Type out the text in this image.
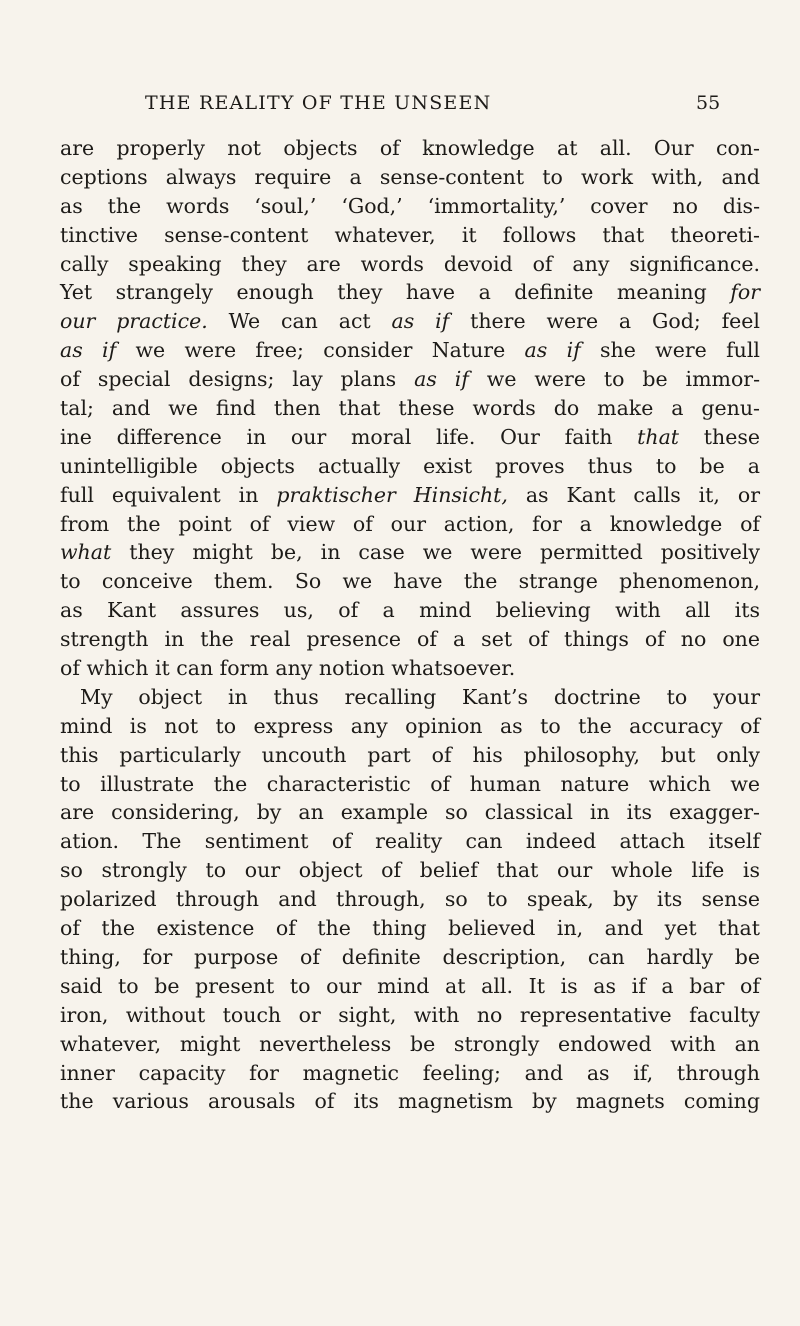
THE REALITY OF THE UNSEEN	55
are properly not objects of knowledge at all. Our con-
ceptions always require a sense-content to work with, and
as the words ‘soul,’ ‘God,’ ‘immortality,’ cover no dis-
tinctive sense-content whatever, it follows that theoreti-
cally speaking they are words devoid of any significance.
Yet strangely enough they have a definite meaning for
our practice. We can act as if there were a God; feel
as if we were free; consider Nature as if she were full
of special designs; lay plans as if we were to be immor-
tal; and we find then that these words do make a genu-
ine difference in our moral life. Our faith that these
unintelligible objects actually exist proves thus to be a
full equivalent in praktischer Hinsicht, as Kant calls it, or
from the point of view of our action, for a knowledge of
what they might be, in case we were permitted positively
to conceive them. So we have the strange phenomenon,
as Kant assures us, of a mind believing with all its
strength in the real presence of a set of things of no one
of which it can form any notion whatsoever.
My object in thus recalling Kant’s doctrine to your
mind is not to express any opinion as to the accuracy of
this particularly uncouth part of his philosophy, but only
to illustrate the characteristic of human nature which we
are considering, by an example so classical in its exagger-
ation. The sentiment of reality can indeed attach itself
so strongly to our object of belief that our whole life is
polarized through and through, so to speak, by its sense
of the existence of the thing believed in, and yet that
thing, for purpose of definite description, can hardly be
said to be present to our mind at all. It is as if a bar of
iron, without touch or sight, with no representative faculty
whatever, might nevertheless be strongly endowed with an
inner capacity for magnetic feeling; and as if, through
the various arousals of its magnetism by magnets coming
